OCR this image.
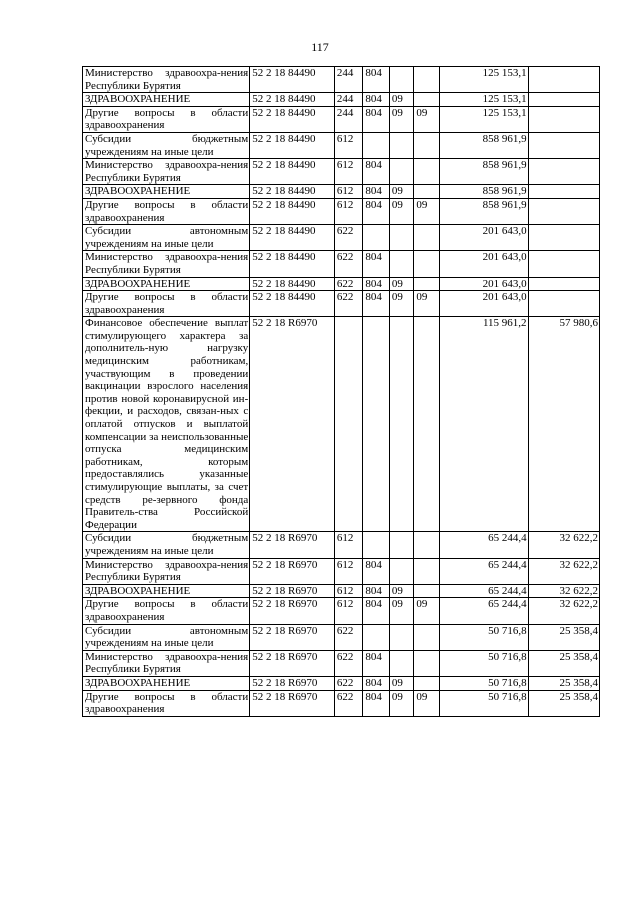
117
Министерство здравоохра-нения Республики Бурятия	52 2 18 84490	244	804			125 153,1	
ЗДРАВООХРАНЕНИЕ	52 2 18 84490	244	804	09		125 153,1	
Другие вопросы в области здравоохранения	52 2 18 84490	244	804	09	09	125 153,1	
Субсидии бюджетным учреждениям на иные цели	52 2 18 84490	612				858 961,9	
Министерство здравоохра-нения Республики Бурятия	52 2 18 84490	612	804			858 961,9	
ЗДРАВООХРАНЕНИЕ	52 2 18 84490	612	804	09		858 961,9	
Другие вопросы в области здравоохранения	52 2 18 84490	612	804	09	09	858 961,9	
Субсидии автономным учреждениям на иные цели	52 2 18 84490	622				201 643,0	
Министерство здравоохра-нения Республики Бурятия	52 2 18 84490	622	804			201 643,0	
ЗДРАВООХРАНЕНИЕ	52 2 18 84490	622	804	09		201 643,0	
Другие вопросы в области здравоохранения	52 2 18 84490	622	804	09	09	201 643,0	
Финансовое обеспечение выплат стимулирующего характера за дополнитель-ную нагрузку медицинским работникам, участвующим в проведении вакцинации взрослого населения против новой коронавирусной ин-фекции, и расходов, связан-ных с оплатой отпусков и выплатой компенсации за неиспользованные отпуска медицинским работникам, которым предоставлялись указанные стимулирующие выплаты, за счет средств ре-зервного фонда Правитель-ства Российской Федерации	52 2 18 R6970					115 961,2	57 980,6
Субсидии бюджетным учреждениям на иные цели	52 2 18 R6970	612				65 244,4	32 622,2
Министерство здравоохра-нения Республики Бурятия	52 2 18 R6970	612	804			65 244,4	32 622,2
ЗДРАВООХРАНЕНИЕ	52 2 18 R6970	612	804	09		65 244,4	32 622,2
Другие вопросы в области здравоохранения	52 2 18 R6970	612	804	09	09	65 244,4	32 622,2
Субсидии автономным учреждениям на иные цели	52 2 18 R6970	622				50 716,8	25 358,4
Министерство здравоохра-нения Республики Бурятия	52 2 18 R6970	622	804			50 716,8	25 358,4
ЗДРАВООХРАНЕНИЕ	52 2 18 R6970	622	804	09		50 716,8	25 358,4
Другие вопросы в области здравоохранения	52 2 18 R6970	622	804	09	09	50 716,8	25 358,4
